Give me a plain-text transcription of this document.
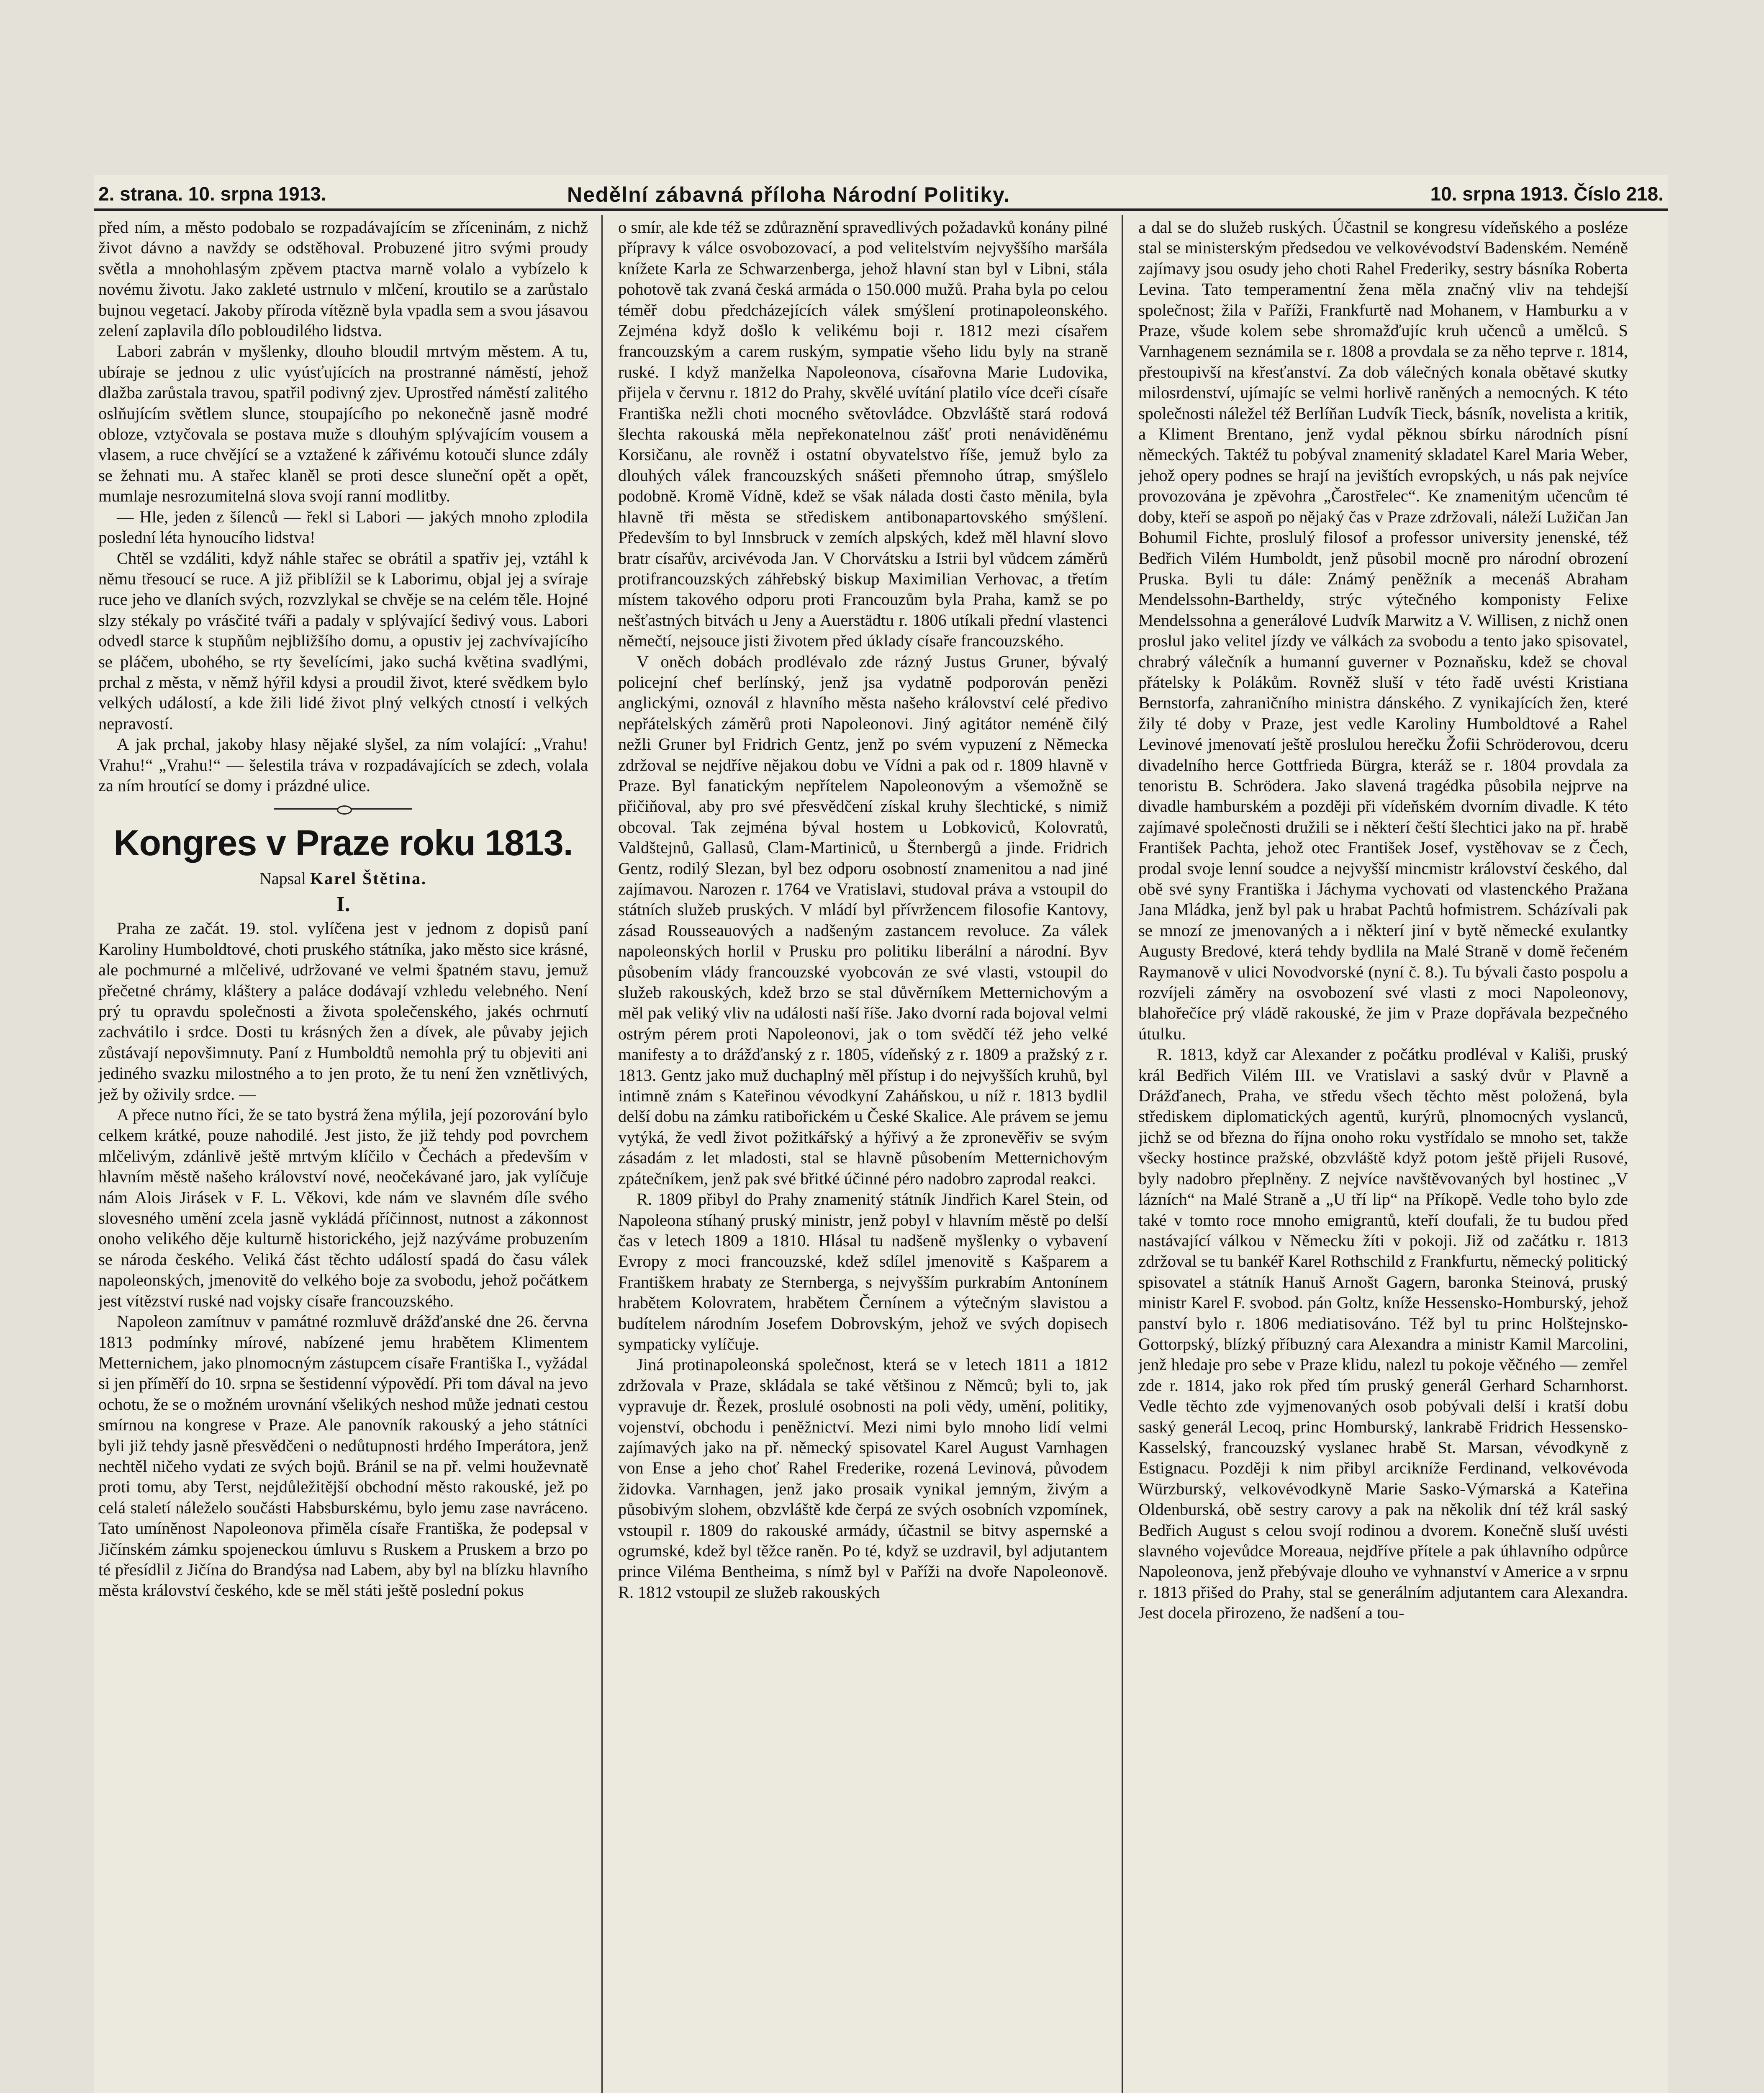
2. strana. 10. srpna 1913.	Nedělní zábavná příloha Národní Politiky.	10. srpna 1913. Číslo 218.

před ním, a město podobalo se rozpadávajícím se zříceninám, z nichž život dávno a navždy se odstěhoval. Probuzené jitro svými proudy světla a mnohohlasým zpěvem ptactva marně volalo a vybízelo k novému životu. Jako zakleté ustrnulo v mlčení, kroutilo se a zarůstalo bujnou vegetací. Jakoby příroda vítězně byla vpadla sem a svou jásavou zelení zaplavila dílo pobloudilého lidstva.

Labori zabrán v myšlenky, dlouho bloudil mrtvým městem. A tu, ubíraje se jednou z ulic vyúsťujících na prostranné náměstí, jehož dlažba zarůstala travou, spatřil podivný zjev. Uprostřed náměstí zalitého oslňujícím světlem slunce, stoupajícího po nekonečně jasně modré obloze, vztyčovala se postava muže s dlouhým splývajícím vousem a vlasem, a ruce chvějící se a vztažené k zářivému kotouči slunce zdály se žehnati mu. A stařec klaněl se proti desce sluneční opět a opět, mumlaje nesrozumitelná slova svojí ranní modlitby.

— Hle, jeden z šílenců — řekl si Labori — jakých mnoho zplodila poslední léta hynoucího lidstva!

Chtěl se vzdáliti, když náhle stařec se obrátil a spatřiv jej, vztáhl k němu třesoucí se ruce. A již přiblížil se k Laborimu, objal jej a svíraje ruce jeho ve dlaních svých, rozvzlykal se chvěje se na celém těle. Hojné slzy stékaly po vrásčité tváři a padaly v splývající šedivý vous. Labori odvedl starce k stupňům nejbližšího domu, a opustiv jej zachvívajícího se pláčem, ubohého, se rty ševelícími, jako suchá květina svadlými, prchal z města, v němž hýřil kdysi a proudil život, které svědkem bylo velkých událostí, a kde žili lidé život plný velkých ctností i velkých nepravostí.

A jak prchal, jakoby hlasy nějaké slyšel, za ním volající: „Vrahu! Vrahu!“ „Vrahu!“ — šelestila tráva v rozpadávajících se zdech, volala za ním hroutící se domy i prázdné ulice.

Kongres v Praze roku 1813.
Napsal Karel Štětina.
I.

Praha ze začát. 19. stol. vylíčena jest v jednom z dopisů paní Karoliny Humboldtové, choti pruského státníka, jako město sice krásné, ale pochmurné a mlčelivé, udržované ve velmi špatném stavu, jemuž přečetné chrámy, kláštery a paláce dodávají vzhledu velebného. Není prý tu opravdu společnosti a života společenského, jakés ochrnutí zachvátilo i srdce. Dosti tu krásných žen a dívek, ale půvaby jejich zůstávají nepovšimnuty. Paní z Humboldtů nemohla prý tu objeviti ani jediného svazku milostného a to jen proto, že tu není žen vznětlivých, jež by oživily srdce. —

A přece nutno říci, že se tato bystrá žena mýlila, její pozorování bylo celkem krátké, pouze nahodilé. Jest jisto, že již tehdy pod povrchem mlčelivým, zdánlivě ještě mrtvým klíčilo v Čechách a především v hlavním městě našeho království nové, neočekávané jaro, jak vylíčuje nám Alois Jirásek v F. L. Věkovi, kde nám ve slavném díle svého slovesného umění zcela jasně vykládá příčinnost, nutnost a zákonnost onoho velikého děje kulturně historického, jejž nazýváme probuzením se národa českého. Veliká část těchto událostí spadá do času válek napoleonských, jmenovitě do velkého boje za svobodu, jehož počátkem jest vítězství ruské nad vojsky císaře francouzského.

Napoleon zamítnuv v památné rozmluvě drážďanské dne 26. června 1813 podmínky mírové, nabízené jemu hrabětem Klimentem Metternichem, jako plnomocným zástupcem císaře Františka I., vyžádal si jen příměří do 10. srpna se šestidenní výpovědí. Při tom dával na jevo ochotu, že se o možném urovnání všelikých neshod může jednati cestou smírnou na kongrese v Praze. Ale panovník rakouský a jeho státníci byli již tehdy jasně přesvědčeni o nedůtupnosti hrdého Imperátora, jenž nechtěl ničeho vydati ze svých bojů. Bránil se na př. velmi houževnatě proti tomu, aby Terst, nejdůležitější obchodní město rakouské, jež po celá staletí náleželo součásti Habsburskému, bylo jemu zase navráceno. Tato umíněnost Napoleonova přiměla císaře Františka, že podepsal v Jičínském zámku spojeneckou úmluvu s Ruskem a Pruskem a brzo po té přesídlil z Jičína do Brandýsa nad Labem, aby byl na blízku hlavního města království českého, kde se měl státi ještě poslední pokus

o smír, ale kde též se zdůraznění spravedlivých požadavků konány pilné přípravy k válce osvobozovací, a pod velitelstvím nejvyššího maršála knížete Karla ze Schwarzenberga, jehož hlavní stan byl v Libni, stála pohotově tak zvaná česká armáda o 150.000 mužů. Praha byla po celou téměř dobu předcházejících válek smýšlení protinapoleonského. Zejména když došlo k velikému boji r. 1812 mezi císařem francouzským a carem ruským, sympatie všeho lidu byly na straně ruské. I když manželka Napoleonova, císařovna Marie Ludovika, přijela v červnu r. 1812 do Prahy, skvělé uvítání platilo více dceři císaře Františka nežli choti mocného světovládce. Obzvláště stará rodová šlechta rakouská měla nepřekonatelnou zášť proti nenáviděnému Korsičanu, ale rovněž i ostatní obyvatelstvo říše, jemuž bylo za dlouhých válek francouzských snášeti přemnoho útrap, smýšlelo podobně. Kromě Vídně, kdež se však nálada dosti často měnila, byla hlavně tři města se střediskem antibonapartovského smýšlení. Především to byl Innsbruck v zemích alpských, kdež měl hlavní slovo bratr císařův, arcivévoda Jan. V Chorvátsku a Istrii byl vůdcem záměrů protifrancouzských záhřebský biskup Maximilian Verhovac, a třetím místem takového odporu proti Francouzům byla Praha, kamž se po nešťastných bitvách u Jeny a Auerstädtu r. 1806 utíkali přední vlastenci němečtí, nejsouce jisti životem před úklady císaře francouzského.

V oněch dobách prodlévalo zde rázný Justus Gruner, bývalý policejní chef berlínský, jenž jsa vydatně podporován penězi anglickými, oznovál z hlavního města našeho království celé předivo nepřátelských záměrů proti Napoleonovi. Jiný agitátor neméně čilý nežli Gruner byl Fridrich Gentz, jenž po svém vypuzení z Německa zdržoval se nejdříve nějakou dobu ve Vídni a pak od r. 1809 hlavně v Praze. Byl fanatickým nepřítelem Napoleonovým a všemožně se přičiňoval, aby pro své přesvědčení získal kruhy šlechtické, s nimiž obcoval. Tak zejména býval hostem u Lobkoviců, Kolovratů, Valdštejnů, Gallasů, Clam-Martiniců, u Šternbergů a jinde. Fridrich Gentz, rodilý Slezan, byl bez odporu osobností znamenitou a nad jiné zajímavou. Narozen r. 1764 ve Vratislavi, studoval práva a vstoupil do státních služeb pruských. V mládí byl přívržencem filosofie Kantovy, zásad Rousseauových a nadšeným zastancem revoluce. Za válek napoleonských horlil v Prusku pro politiku liberální a národní. Byv působením vlády francouzské vyobcován ze své vlasti, vstoupil do služeb rakouských, kdež brzo se stal důvěrníkem Metternichovým a měl pak veliký vliv na události naší říše. Jako dvorní rada bojoval velmi ostrým pérem proti Napoleonovi, jak o tom svědčí též jeho velké manifesty a to drážďanský z r. 1805, vídeňský z r. 1809 a pražský z r. 1813. Gentz jako muž duchaplný měl přístup i do nejvyšších kruhů, byl intimně znám s Kateřinou vévodkyní Zaháňskou, u níž r. 1813 bydlil delší dobu na zámku ratibořickém u České Skalice. Ale právem se jemu vytýká, že vedl život požitkářský a hýřivý a že zpronevěřiv se svým zásadám z let mladosti, stal se hlavně působením Metternichovým zpátečníkem, jenž pak své břitké účinné péro nadobro zaprodal reakci.

R. 1809 přibyl do Prahy znamenitý státník Jindřich Karel Stein, od Napoleona stíhaný pruský ministr, jenž pobyl v hlavním městě po delší čas v letech 1809 a 1810. Hlásal tu nadšeně myšlenky o vybavení Evropy z moci francouzské, kdež sdílel jmenovitě s Kašparem a Františkem hrabaty ze Sternberga, s nejvyšším purkrabím Antonínem hrabětem Kolovratem, hrabětem Černínem a výtečným slavistou a budítelem národním Josefem Dobrovským, jehož ve svých dopisech sympaticky vylíčuje.

Jiná protinapoleonská společnost, která se v letech 1811 a 1812 zdržovala v Praze, skládala se také většinou z Němců; byli to, jak vypravuje dr. Řezek, proslulé osobnosti na poli vědy, umění, politiky, vojenství, obchodu i peněžnictví. Mezi nimi bylo mnoho lidí velmi zajímavých jako na př. německý spisovatel Karel August Varnhagen von Ense a jeho choť Rahel Frederike, rozená Levinová, původem židovka. Varnhagen, jenž jako prosaik vynikal jemným, živým a působivým slohem, obzvláště kde čerpá ze svých osobních vzpomínek, vstoupil r. 1809 do rakouské armády, účastnil se bitvy aspernské a ogrumské, kdež byl těžce raněn. Po té, když se uzdravil, byl adjutantem prince Viléma Bentheima, s nímž byl v Paříži na dvoře Napoleonově. R. 1812 vstoupil ze služeb rakouských

a dal se do služeb ruských. Účastnil se kongresu vídeňského a posléze stal se ministerským předsedou ve velkovévodství Badenském. Neméně zajímavy jsou osudy jeho choti Rahel Frederiky, sestry básníka Roberta Levina. Tato temperamentní žena měla značný vliv na tehdejší společnost; žila v Paříži, Frankfurtě nad Mohanem, v Hamburku a v Praze, všude kolem sebe shromažďujíc kruh učenců a umělců. S Varnhagenem seznámila se r. 1808 a provdala se za něho teprve r. 1814, přestoupivší na křesťanství. Za dob válečných konala obětavé skutky milosrdenství, ujímajíc se velmi horlivě raněných a nemocných. K této společnosti náležel též Berlíňan Ludvík Tieck, básník, novelista a kritik, a Kliment Brentano, jenž vydal pěknou sbírku národních písní německých. Taktéž tu pobýval znamenitý skladatel Karel Maria Weber, jehož opery podnes se hrají na jevištích evropských, u nás pak nejvíce provozována je zpěvohra „Čarostřelec“. Ke znamenitým učencům té doby, kteří se aspoň po nějaký čas v Praze zdržovali, náleží Lužičan Jan Bohumil Fichte, proslulý filosof a professor university jenenské, též Bedřich Vilém Humboldt, jenž působil mocně pro národní obrození Pruska. Byli tu dále: Známý peněžník a mecenáš Abraham Mendelssohn-Bartheldy, strýc výtečného komponisty Felixe Mendelssohna a generálové Ludvík Marwitz a V. Willisen, z nichž onen proslul jako velitel jízdy ve válkách za svobodu a tento jako spisovatel, chrabrý válečník a humanní guverner v Poznaňsku, kdež se choval přátelsky k Polákům. Rovněž sluší v této řadě uvésti Kristiana Bernstorfa, zahraničního ministra dánského. Z vynikajících žen, které žily té doby v Praze, jest vedle Karoliny Humboldtové a Rahel Levinové jmenovatí ještě proslulou herečku Žofii Schröderovou, dceru divadelního herce Gottfrieda Bürgra, kteráž se r. 1804 provdala za tenoristu B. Schrödera. Jako slavená tragédka působila nejprve na divadle hamburském a později při vídeňském dvorním divadle. K této zajímavé společnosti družili se i některí čeští šlechtici jako na př. hrabě František Pachta, jehož otec František Josef, vystěhovav se z Čech, prodal svoje lenní soudce a nejvyšší mincmistr království českého, dal obě své syny Františka i Jáchyma vychovati od vlastenckého Pražana Jana Mládka, jenž byl pak u hrabat Pachtů hofmistrem. Scházívali pak se mnozí ze jmenovaných a i některí jiní v bytě německé exulantky Augusty Bredové, která tehdy bydlila na Malé Straně v domě řečeném Raymanově v ulici Novodvorské (nyní č. 8.). Tu bývali často pospolu a rozvíjeli záměry na osvobození své vlasti z moci Napoleonovy, blahořečíce prý vládě rakouské, že jim v Praze dopřávala bezpečného útulku.

R. 1813, když car Alexander z počátku prodléval v Kališi, pruský král Bedřich Vilém III. ve Vratislavi a saský dvůr v Plavně a Drážďanech, Praha, ve středu všech těchto měst položená, byla střediskem diplomatických agentů, kurýrů, plnomocných vyslanců, jichž se od března do října onoho roku vystřídalo se mnoho set, takže všecky hostince pražské, obzvláště když potom ještě přijeli Rusové, byly nadobro přeplněny. Z nejvíce navštěvovaných byl hostinec „V lázních“ na Malé Straně a „U tří lip“ na Příkopě. Vedle toho bylo zde také v tomto roce mnoho emigrantů, kteří doufali, že tu budou před nastávající válkou v Německu žíti v pokoji. Již od začátku r. 1813 zdržoval se tu bankéř Karel Rothschild z Frankfurtu, německý politický spisovatel a státník Hanuš Arnošt Gagern, baronka Steinová, pruský ministr Karel F. svobod. pán Goltz, kníže Hessensko-Homburský, jehož panství bylo r. 1806 mediatisováno. Též byl tu princ Holštejnsko-Gottorpský, blízký příbuzný cara Alexandra a ministr Kamil Marcolini, jenž hledaje pro sebe v Praze klidu, nalezl tu pokoje věčného — zemřel zde r. 1814, jako rok před tím pruský generál Gerhard Scharnhorst. Vedle těchto zde vyjmenovaných osob pobývali delší i kratší dobu saský generál Lecoq, princ Homburský, lankrabě Fridrich Hessensko-Kasselský, francouzský vyslanec hrabě St. Marsan, vévodkyně z Estignacu. Později k nim přibyl arcikníže Ferdinand, velkovévoda Würzburský, velkovévodkyně Marie Sasko-Výmarská a Kateřina Oldenburská, obě sestry carovy a pak na několik dní též král saský Bedřich August s celou svojí rodinou a dvorem. Konečně sluší uvésti slavného vojevůdce Moreaua, nejdříve přítele a pak úhlavního odpůrce Napoleonova, jenž přebývaje dlouho ve vyhnanství v Americe a v srpnu r. 1813 přišed do Prahy, stal se generálním adjutantem cara Alexandra. Jest docela přirozeno, že nadšení a tou-
